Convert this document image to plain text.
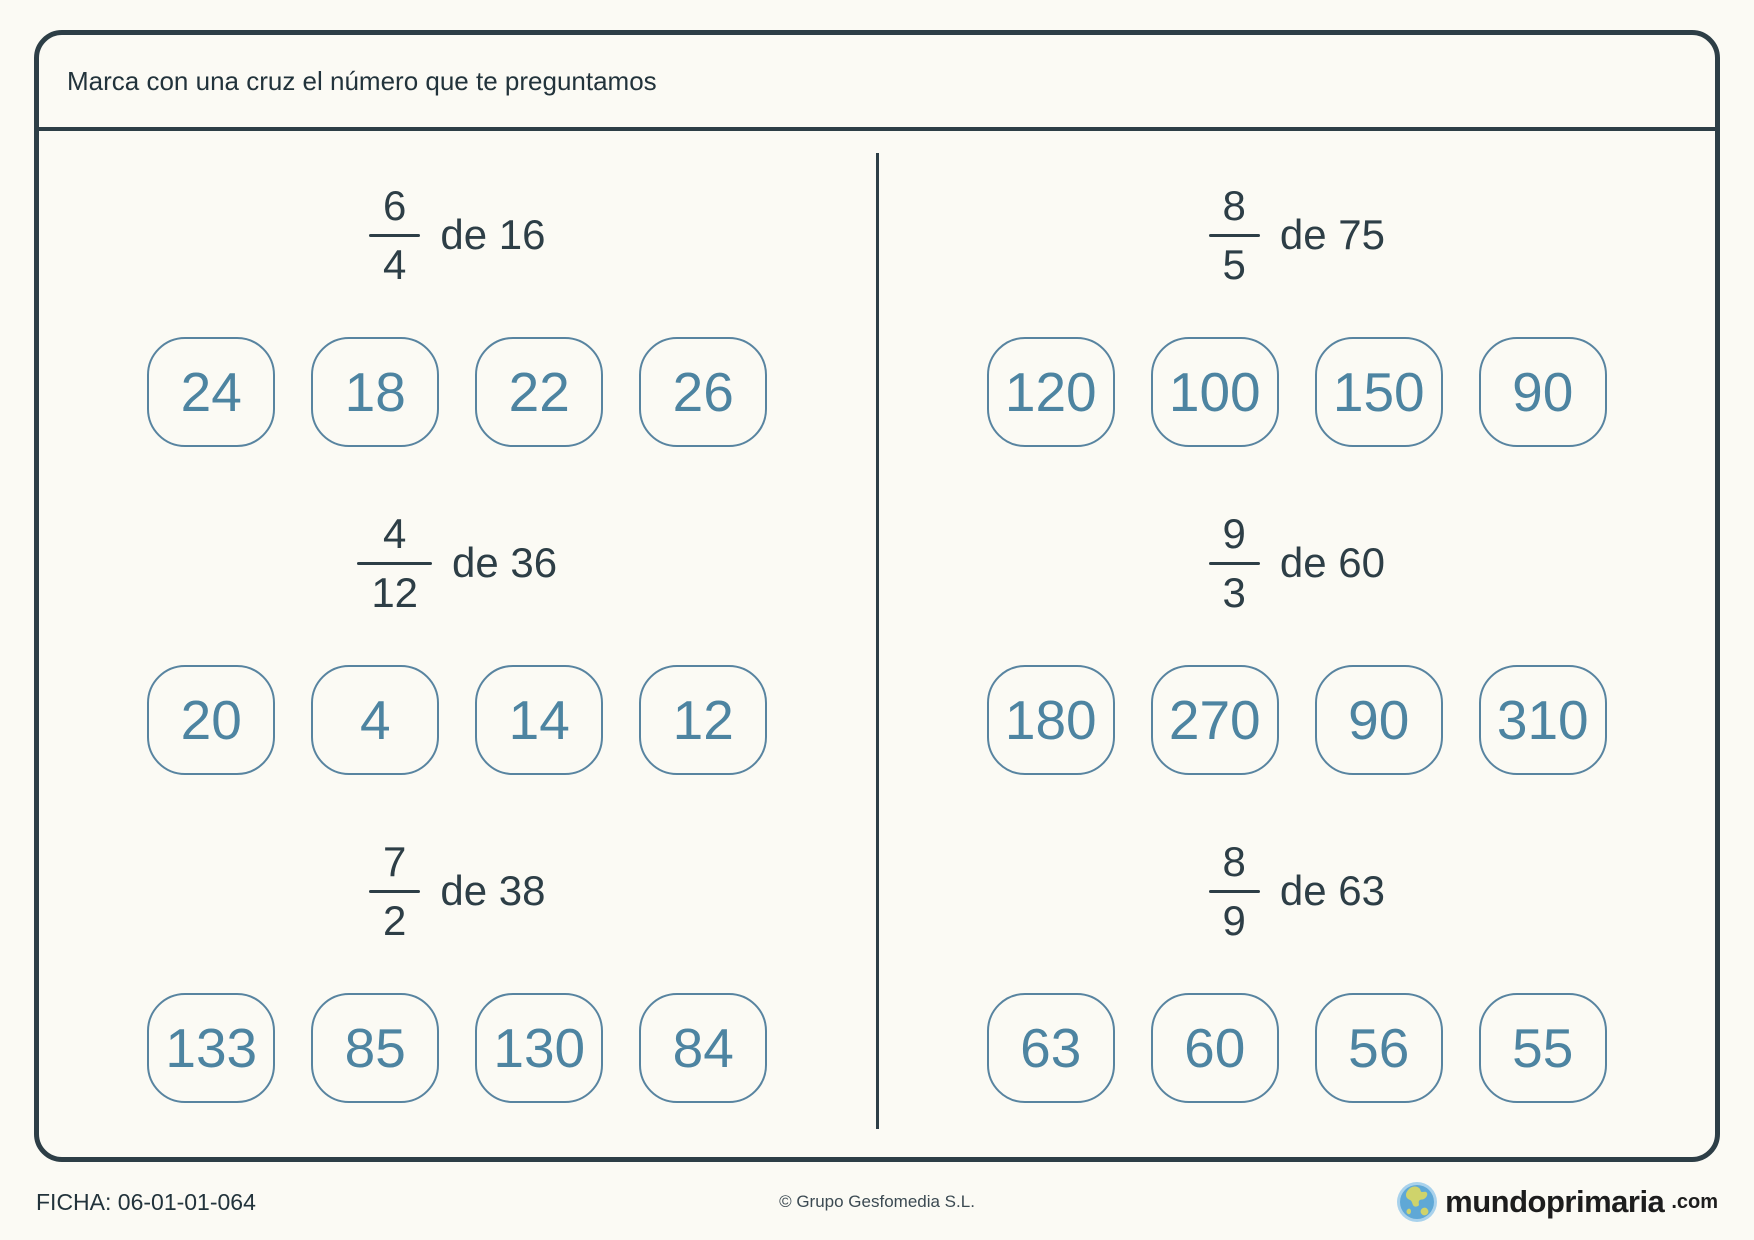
Marca con una cruz el número que te preguntamos
$\frac{6}{4}$ de 16
24	18	22	26
$\frac{4}{12}$ de 36
20	4	14	12
$\frac{7}{2}$ de 38
133	85	130	84
$\frac{8}{5}$ de 75
120	100	150	90
$\frac{9}{3}$ de 60
180	270	90	310
$\frac{8}{9}$ de 63
63	60	56	55
FICHA: 06-01-01-064	© Grupo Gesfomedia S.L.	mundoprimaria .com
